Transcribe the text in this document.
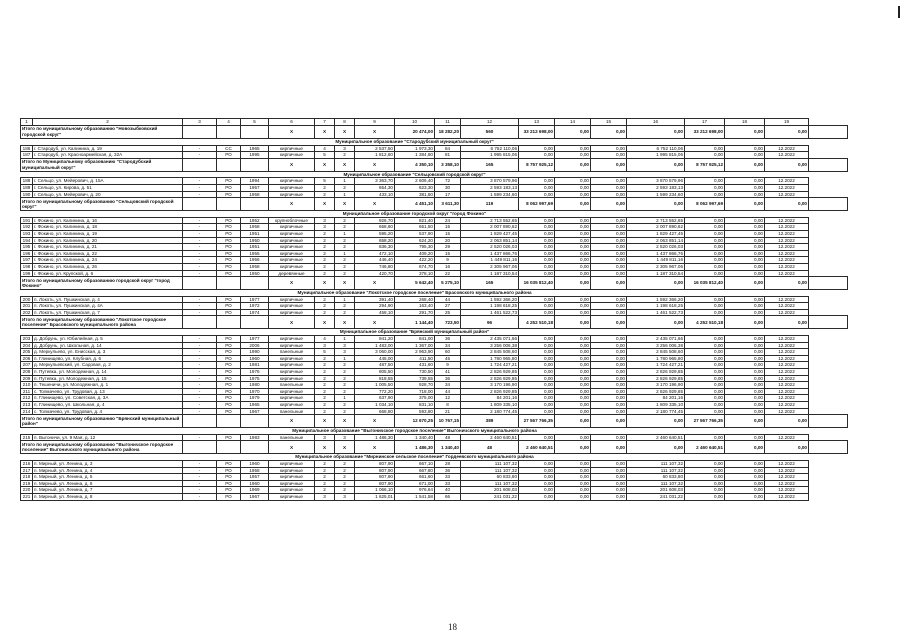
1	2	3	4	5	6	7	8	9	10	11	12	13	14	15	16	17	18	19	
Итого по муниципальному образованию "Новозыбковский городской округ"					X	X	X	X	20 474,00	18 282,20	560	33 212 698,00	0,00	0,00	0,00	33 212 698,00	0,00	0,00	
Муниципальное образование "Стародубский муниципальный округ"																			
186	г. Стародуб, ул. Калинина, д. 19	-	СС	1965	кирпичные	4	3	2 537,50	1 973,30	84	6 752 110,06	0,00	0,00	0,00	6 752 110,06	0,00	0,00	12.2022	
187	г. Стародуб, ул. Красноармейская, д. 32А	-	РО	1995	кирпичные	5	2	1 812,60	1 384,80	81	1 995 815,06	0,00	0,00	0,00	1 995 815,06	0,00	0,00	12.2022	
Итого по Муниципальному образованию "Стародубский муниципальный округ"					X	X	X	X	4 350,10	3 358,10	165	8 757 925,12	0,00	0,00	0,00	8 757 925,12	0,00	0,00	
Муниципальное образование "Сельцовский городской округ"																			
188	г. Сельцо, ул. Мейерович, д. 15А	-	РО	1994	кирпичные	5	1	3 363,70	2 606,40	72	3 870 579,96	0,00	0,00	0,00	3 870 579,96	0,00	0,00	12.2022	
189	г. Сельцо, ул. Кирова, д. 51	-	РО	1957	кирпичные	2	2	654,30	623,30	30	2 593 183,13	0,00	0,00	0,00	2 593 183,13	0,00	0,00	12.2022	
190	г. Сельцо, ул. Мейерович, д. 20	-	РО	1958	кирпичные	2	1	433,10	381,60	17	1 599 234,60	0,00	0,00	0,00	1 599 234,60	0,00	0,00	12.2022	
Итого по муниципальному образованию "Сельцовский городской округ"					X	X	X	X	4 451,10	3 611,30	119	8 062 997,69	0,00	0,00	0,00	8 062 997,69	0,00	0,00	
Муниципальное образование городской округ "город Фокино"																			
191	г. Фокино, ул. Калинина, д. 16	-	РО	1952	крупноблочные	3	2	926,70	821,40	24	2 713 552,65	0,00	0,00	0,00	2 713 552,65	0,00	0,00	12.2022	
192	г. Фокино, ул. Калинина, д. 18	-	РО	1958	кирпичные	3	2	658,60	651,50	15	2 007 890,62	0,00	0,00	0,00	2 007 890,62	0,00	0,00	12.2022	
193	г. Фокино, ул. Калинина, д. 19	-	РО	1951	кирпичные	2	1	595,20	537,90	15	1 829 427,45	0,00	0,00	0,00	1 829 427,45	0,00	0,00	12.2022	
194	г. Фокино, ул. Калинина, д. 20	-	РО	1950	кирпичные	2	2	658,20	624,20	20	2 063 851,14	0,00	0,00	0,00	2 063 851,14	0,00	0,00	12.2022	
195	г. Фокино, ул. Калинина, д. 21	-	РО	1951	кирпичные	2	2	836,30	795,30	29	2 520 026,03	0,00	0,00	0,00	2 520 026,03	0,00	0,00	12.2022	
196	г. Фокино, ул. Калинина, д. 22	-	РО	1955	кирпичные	2	1	472,10	409,20	15	1 437 866,76	0,00	0,00	0,00	1 437 866,76	0,00	0,00	12.2022	
197	г. Фокино, ул. Калинина, д. 24	-	РО	1956	кирпичные	2	2	446,40	422,20	9	1 449 811,16	0,00	0,00	0,00	1 449 811,16	0,00	0,00	12.2022	
198	г. Фокино, ул. Калинина, д. 26	-	РО	1958	кирпичные	2	2	746,80	674,70	16	2 305 967,06	0,00	0,00	0,00	2 305 967,06	0,00	0,00	12.2022	
199	г. Фокино, ул. Крупской, д. 6	-	РО	1950	деревянные	2	2	420,70	378,10	22	1 187 310,54	0,00	0,00	0,00	1 187 310,54	0,00	0,00	12.2022	
Итого по муниципальному образованию городской округ "город Фокино"					X	X	X	X	5 642,40	5 275,10	165	16 035 812,40	0,00	0,00	0,00	16 035 812,40	0,00	0,00	
Муниципальное образование "Локотское городское поселение" Брасовского муниципального района																			
200	п. Локоть, ул. Пушкинская, д. 4	-	РО	1977	кирпичные	2	1	391,40	268,40	44	1 592 366,20	0,00	0,00	0,00	1 592 366,20	0,00	0,00	12.2022	
201	п. Локоть, ул. Пушкинская, д. 4А	-	РО	1972	кирпичные	2	2	294,90	163,40	27	1 198 618,25	0,00	0,00	0,00	1 198 618,25	0,00	0,00	12.2022	
202	п. Локоть, ул. Пушкинская, д. 7	-	РО	1974	кирпичные	2	2	458,10	291,70	25	1 461 522,73	0,00	0,00	0,00	1 461 522,73	0,00	0,00	12.2022	
Итого по муниципальному образованию "Локотское городское поселение" Брасовского муниципального района					X	X	X	X	1 144,40	723,50	96	4 252 510,18	0,00	0,00	0,00	4 252 510,18	0,00	0,00	
Муниципальное образование "Брянский муниципальный район"																			
203	д. Добрунь, ул. Юбилейная, д. 5	-	РО	1977	кирпичные	4	1	941,20	841,00	36	2 435 071,66	0,00	0,00	0,00	2 435 071,66	0,00	0,00	12.2022	
204	д. Добрунь, ул. Школьная, д. 14	-	РО	2006	кирпичные	3	3	1 483,00	1 367,00	34	3 256 006,38	0,00	0,00	0,00	3 256 006,38	0,00	0,00	12.2022	
205	д. Меркульево, ул. Енисская, д. 3	-	РО	1990	панельные	5	3	3 060,00	2 963,90	60	2 845 508,60	0,00	0,00	0,00	2 845 508,60	0,00	0,00	12.2022	
206	п. Глинищево, ул. Клубная, д. 6	-	РО	1960	кирпичные	2	1	445,00	411,50	45	1 780 965,80	0,00	0,00	0,00	1 780 965,80	0,00	0,00	12.2022	
207	д. Меркульевский, ул. Садовая, д. 2	-	РО	1981	кирпичные	2	2	487,50	431,60	9	1 724 427,21	0,00	0,00	0,00	1 724 427,21	0,00	0,00	12.2022	
208	п. Путевка, ул. Молодежная, д. 14	-	РО	1976	кирпичные	2	2	805,50	730,50	41	2 826 929,85	0,00	0,00	0,00	2 826 929,85	0,00	0,00	12.2022	
209	п. Путевка, ул. Молодежная, д. 15	-	РО	1975	кирпичные	2	2	818,55	739,55	36	2 826 929,85	0,00	0,00	0,00	2 826 929,85	0,00	0,00	12.2022	
210	п. Тешеничи, ул. Молодежная, д. 1	-	РО	1980	панельные	2	2	1 005,50	928,70	34	3 170 196,90	0,00	0,00	0,00	3 170 196,90	0,00	0,00	12.2022	
211	с. Толмачево, ул. Трудовая, д. 13	-	РО	1970	кирпичные	2	2	772,20	718,00	44	2 826 929,85	0,00	0,00	0,00	2 826 929,85	0,00	0,00	12.2022	
212	п. Глинищево, ул. Советская, д. 3А	-	РО	1979	кирпичные	2	1	637,90	375,00	12	84 201,16	0,00	0,00	0,00	84 201,16	0,00	0,00	12.2022	
213	п. Глинищево, ул. Школьная, д. 4	-	РО	1965	кирпичные	2	2	1 034,10	831,10	8	1 809 335,10	0,00	0,00	0,00	1 809 335,10	0,00	0,00	12.2022	
214	с. Толмачево, ул. Трудовая, д. 4	-	РО	1967	панельные	2	2	668,80	593,80	21	2 180 774,45	0,00	0,00	0,00	2 180 774,45	0,00	0,00	12.2022	
Итого по муниципальному образованию "Брянский муниципальный район"					X	X	X	X	12 670,25	10 767,15	389	27 567 766,35	0,00	0,00	0,00	27 567 766,35	0,00	0,00	
Муниципальное образование "Выгоничское городское поселение" Выгоничского муниципального района																			
215	п. Выгоничи, ул. 9 Мая, д. 12	-	РО	1983	панельные	3	3	1 486,30	1 340,40	48	2 460 640,51	0,00	0,00	0,00	2 460 640,51	0,00	0,00	12.2022	
Итого по муниципальному образованию "Выгоничское городское поселение" Выгоничского муниципального района					X	X	X	X	1 486,30	1 340,40	48	2 460 640,51	0,00	0,00	0,00	2 460 640,51	0,00	0,00	
Муниципальное образование "Мирнинское сельское поселение" Гордеевского муниципального района																			
216	п. Мирный, ул. Ленина, д. 3	-	РО	1960	кирпичные	2	2	807,90	667,10	28	111 107,32	0,00	0,00	0,00	111 107,32	0,00	0,00	12.2022	
217	п. Мирный, ул. Ленина, д. 4	-	РО	1958	кирпичные	2	2	807,90	667,80	36	111 107,32	0,00	0,00	0,00	111 107,32	0,00	0,00	12.2022	
218	п. Мирный, ул. Ленина, д. 5	-	РО	1957	кирпичные	2	2	807,90	661,60	33	60 833,80	0,00	0,00	0,00	60 833,80	0,00	0,00	12.2022	
219	п. Мирный, ул. Ленина, д. 6	-	РО	1960	кирпичные	2	2	807,90	671,00	33	111 107,32	0,00	0,00	0,00	111 107,32	0,00	0,00	12.2022	
220	п. Мирный, ул. Ленина, д. 7	-	РО	1969	кирпичные	2	2	1 066,10	976,64	40	201 608,03	0,00	0,00	0,00	201 608,03	0,00	0,00	12.2022	
221	п. Мирный, ул. Ленина, д. 8	-	РО	1967	кирпичные	3	3	1 625,01	1 541,58	66	241 031,22	0,00	0,00	0,00	241 031,22	0,00	0,00	12.2022	
18
